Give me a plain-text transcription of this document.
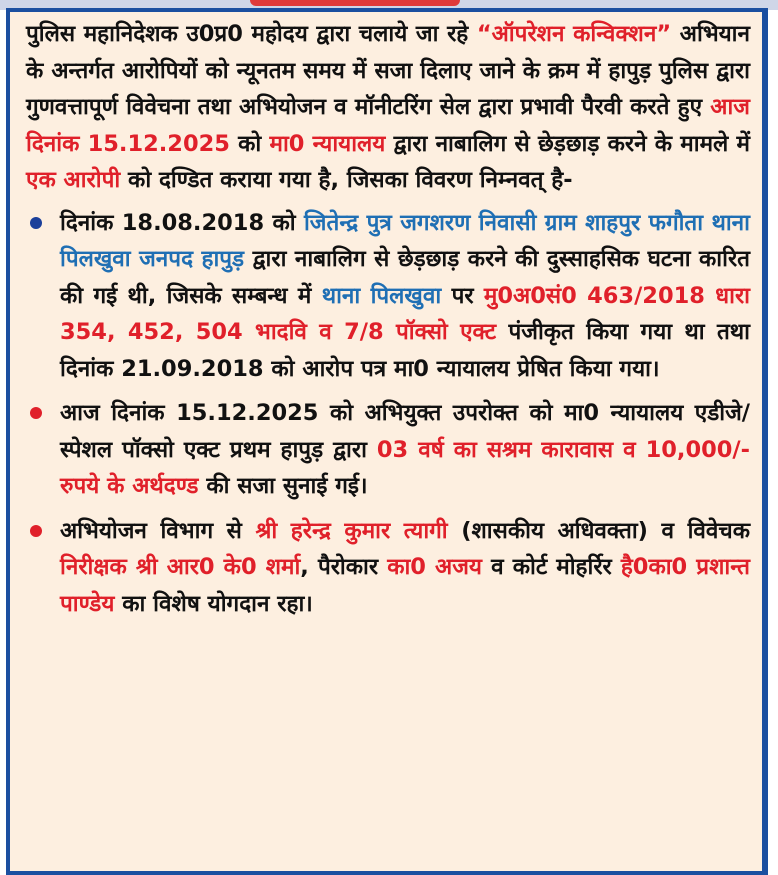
पुलिस महानिदेशक उ0प्र0 महोदय द्वारा चलाये जा रहे “ऑपरेशन कन्विक्शन” अभियान के अन्तर्गत आरोपियों को न्यूनतम समय में सजा दिलाए जाने के क्रम में हापुड़ पुलिस द्वारा गुणवत्तापूर्ण विवेचना तथा अभियोजन व मॉनीटरिंग सेल द्वारा प्रभावी पैरवी करते हुए आज दिनांक 15.12.2025 को मा0 न्यायालय द्वारा नाबालिग से छेड़छाड़ करने के मामले में एक आरोपी को दण्डित कराया गया है, जिसका विवरण निम्नवत् है-

दिनांक 18.08.2018 को जितेन्द्र पुत्र जगशरण निवासी ग्राम शाहपुर फगौता थाना पिलखुवा जनपद हापुड़ द्वारा नाबालिग से छेड़छाड़ करने की दुस्साहसिक घटना कारित की गई थी, जिसके सम्बन्ध में थाना पिलखुवा पर मु0अ0सं0 463/2018 धारा 354, 452, 504 भादवि व 7/8 पॉक्सो एक्ट पंजीकृत किया गया था तथा दिनांक 21.09.2018 को आरोप पत्र मा0 न्यायालय प्रेषित किया गया।

आज दिनांक 15.12.2025 को अभियुक्त उपरोक्त को मा0 न्यायालय एडीजे/स्पेशल पॉक्सो एक्ट प्रथम हापुड़ द्वारा 03 वर्ष का सश्रम कारावास व 10,000/- रुपये के अर्थदण्ड की सजा सुनाई गई।

अभियोजन विभाग से श्री हरेन्द्र कुमार त्यागी (शासकीय अधिवक्ता) व विवेचक निरीक्षक श्री आर0 के0 शर्मा, पैरोकार का0 अजय व कोर्ट मोहर्रिर है0का0 प्रशान्त पाण्डेय का विशेष योगदान रहा।
